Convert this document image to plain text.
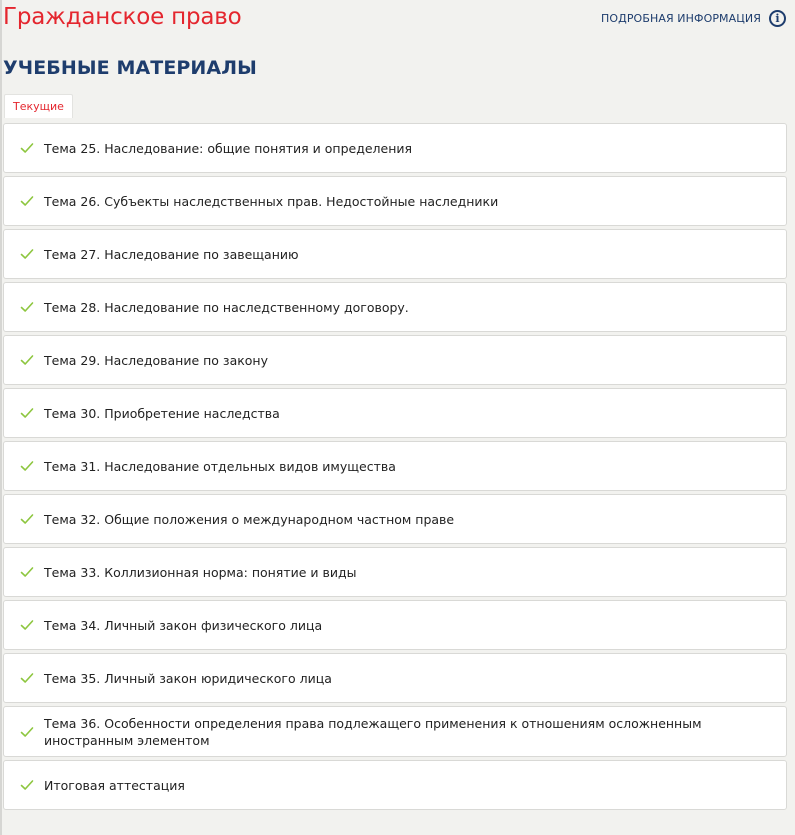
Гражданское право	ПОДРОБНАЯ ИНФОРМАЦИЯ	i
УЧЕБНЫЕ МАТЕРИАЛЫ
Текущие
Тема 25. Наследование: общие понятия и определения
Тема 26. Субъекты наследственных прав. Недостойные наследники
Тема 27. Наследование по завещанию
Тема 28. Наследование по наследственному договору.
Тема 29. Наследование по закону
Тема 30. Приобретение наследства
Тема 31. Наследование отдельных видов имущества
Тема 32. Общие положения о международном частном праве
Тема 33. Коллизионная норма: понятие и виды
Тема 34. Личный закон физического лица
Тема 35. Личный закон юридического лица
Тема 36. Особенности определения права подлежащего применения к отношениям осложненным иностранным элементом
Итоговая аттестация
